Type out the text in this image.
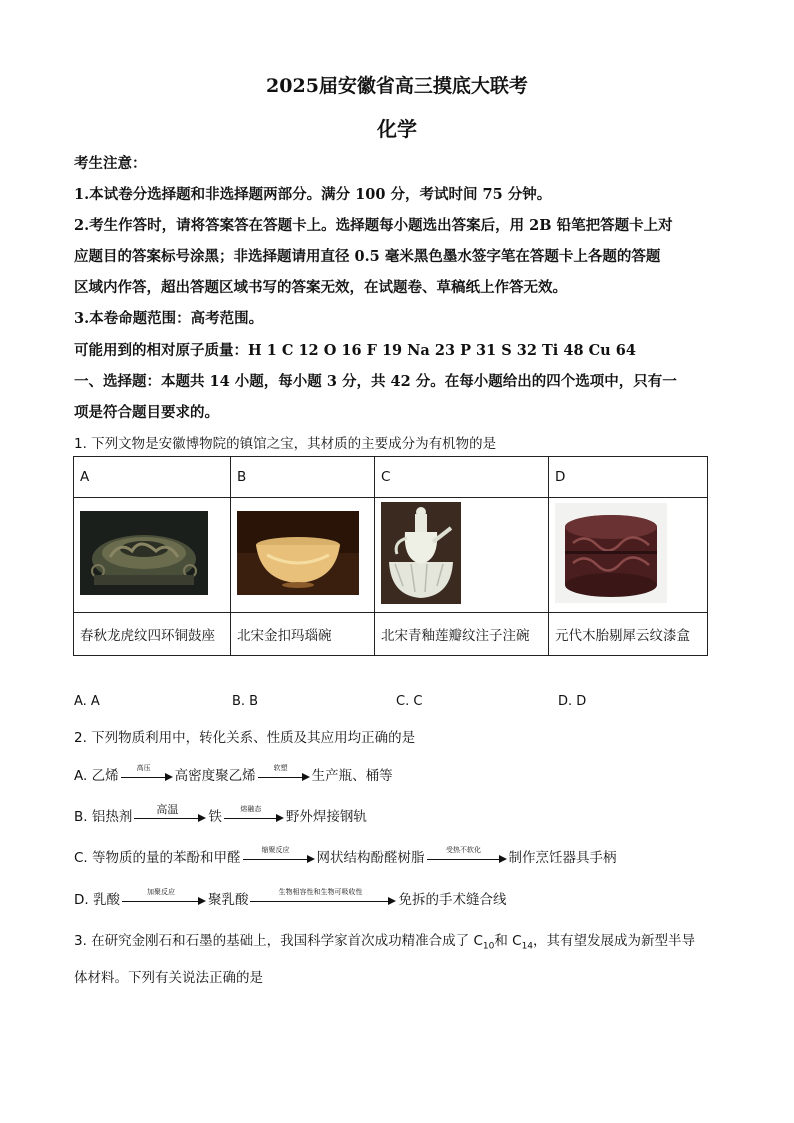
2025届安徽省高三摸底大联考
化学
考生注意：
1.本试卷分选择题和非选择题两部分。满分 100 分，考试时间 75 分钟。
2.考生作答时，请将答案答在答题卡上。选择题每小题选出答案后，用 2B 铅笔把答题卡上对
应题目的答案标号涂黑；非选择题请用直径 0.5 毫米黑色墨水签字笔在答题卡上各题的答题
区域内作答，超出答题区域书写的答案无效，在试题卷、草稿纸上作答无效。
3.本卷命题范围：高考范围。
可能用到的相对原子质量：H 1 C 12 O 16 F 19 Na 23 P 31 S 32 Ti 48 Cu 64
一、选择题：本题共 14 小题，每小题 3 分，共 42 分。在每小题给出的四个选项中，只有一
项是符合题目要求的。
1. 下列文物是安徽博物院的镇馆之宝，其材质的主要成分为有机物的是
A	B	C	D

春秋龙虎纹四环铜鼓座	北宋金扣玛瑙碗	北宋青釉莲瓣纹注子注碗	元代木胎剔犀云纹漆盒
A. A	B. B	C. C	D. D
2. 下列物质利用中，转化关系、性质及其应用均正确的是
A. 乙烯	高压	高密度聚乙烯	软塑	生产瓶、桶等
B. 铝热剂	高温	铁	熔融态	野外焊接钢轨
C. 等物质的量的苯酚和甲醛	缩聚反应	网状结构酚醛树脂	受热不软化	制作烹饪器具手柄
D. 乳酸	加聚反应	聚乳酸	生物相容性和生物可吸收性	免拆的手术缝合线
3. 在研究金刚石和石墨的基础上，我国科学家首次成功精准合成了 $C_{10}$和 $C_{14}$，其有望发展成为新型半导
体材料。下列有关说法正确的是
